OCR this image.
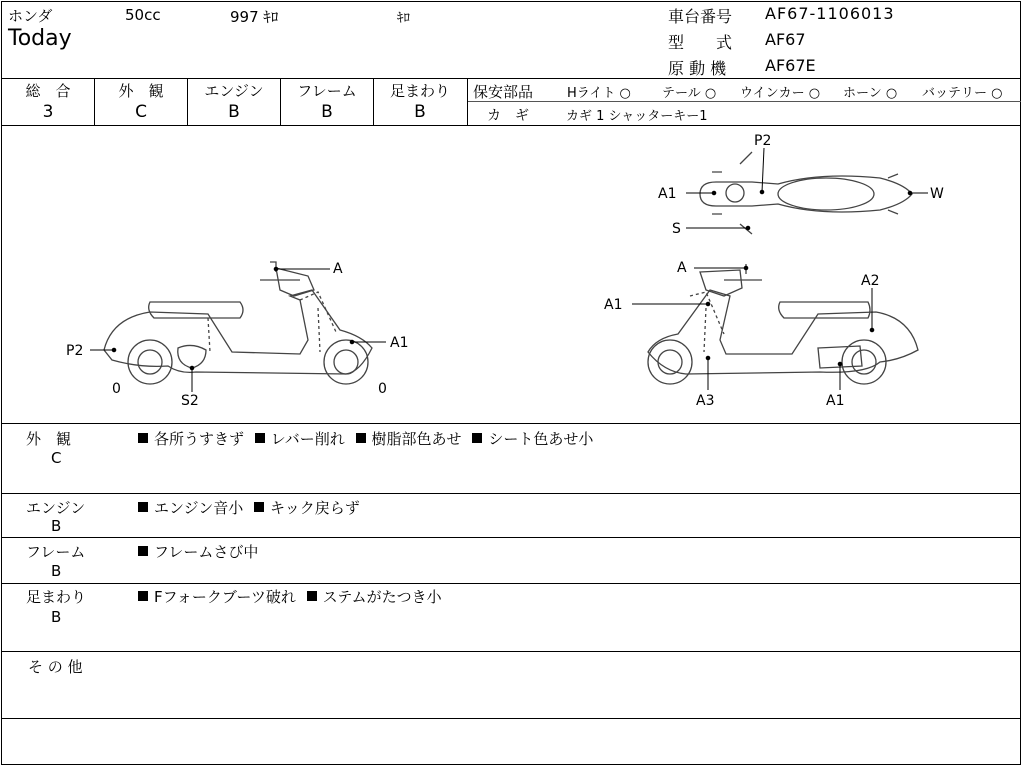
ホンダ	50cc	997 ｷﾛ	ｷﾛ
Today
車台番号 AF67-1106013
型　　式 AF67
原 動 機 AF67E
総　合	外　観	エンジン	フレーム	足まわり
3	C	B	B	B
保安部品	Hライト ○ テール ○ ウインカー ○ ホーン ○ バッテリー ○
カ　ギ	カギ 1 シャッターキー1
A
P2	A1
S2
0	0
P2
A1	W
S
A
A1
A2
A3	A1
外　観
C
各所うすきず レバー削れ 樹脂部色あせ シート色あせ小
エンジン
B
エンジン音小 キック戻らず
フレーム
B
フレームさび中
足まわり
B
Fフォークブーツ破れ ステムがたつき小
そ の 他
